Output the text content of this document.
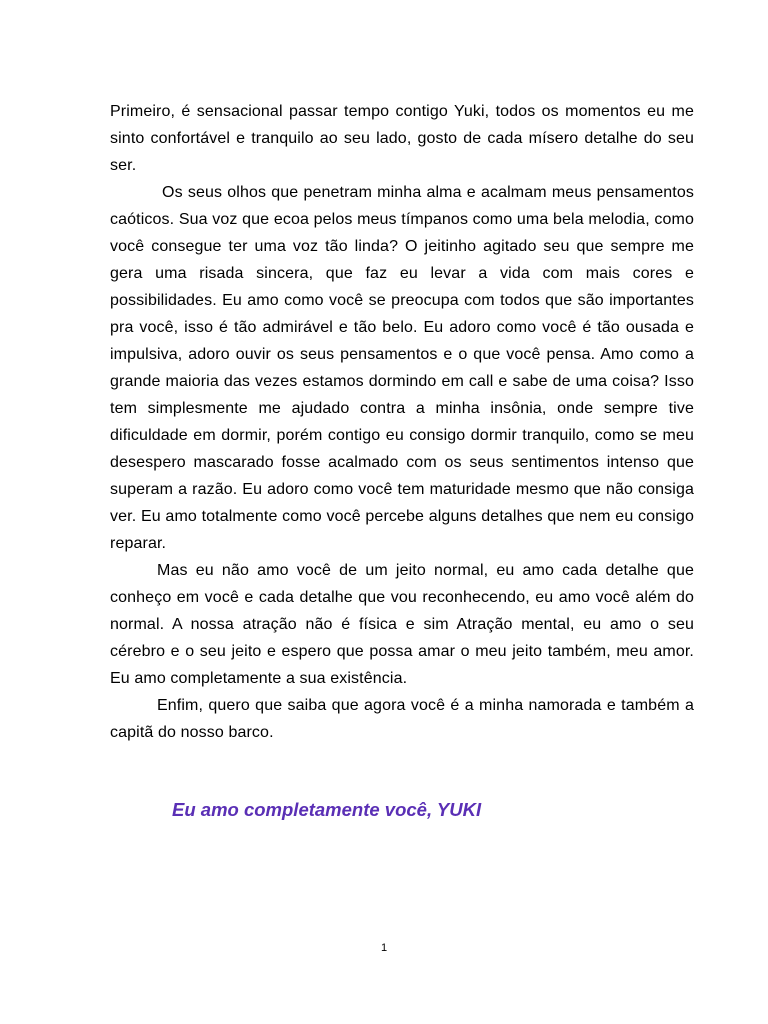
Primeiro, é sensacional passar tempo contigo Yuki, todos os momentos eu me sinto confortável e tranquilo ao seu lado, gosto de cada mísero detalhe do seu ser.

Os seus olhos que penetram minha alma e acalmam meus pensamentos caóticos. Sua voz que ecoa pelos meus tímpanos como uma bela melodia, como você consegue ter uma voz tão linda? O jeitinho agitado seu que sempre me gera uma risada sincera, que faz eu levar a vida com mais cores e possibilidades. Eu amo como você se preocupa com todos que são importantes pra você, isso é tão admirável e tão belo. Eu adoro como você é tão ousada e impulsiva, adoro ouvir os seus pensamentos e o que você pensa. Amo como a grande maioria das vezes estamos dormindo em call e sabe de uma coisa? Isso tem simplesmente me ajudado contra a minha insônia, onde sempre tive dificuldade em dormir, porém contigo eu consigo dormir tranquilo, como se meu desespero mascarado fosse acalmado com os seus sentimentos intenso que superam a razão. Eu adoro como você tem maturidade mesmo que não consiga ver. Eu amo totalmente como você percebe alguns detalhes que nem eu consigo reparar.

Mas eu não amo você de um jeito normal, eu amo cada detalhe que conheço em você e cada detalhe que vou reconhecendo, eu amo você além do normal. A nossa atração não é física e sim Atração mental, eu amo o seu cérebro e o seu jeito e espero que possa amar o meu jeito também, meu amor. Eu amo completamente a sua existência.

Enfim, quero que saiba que agora você é a minha namorada e também a capitã do nosso barco.

Eu amo completamente você, YUKI
1
